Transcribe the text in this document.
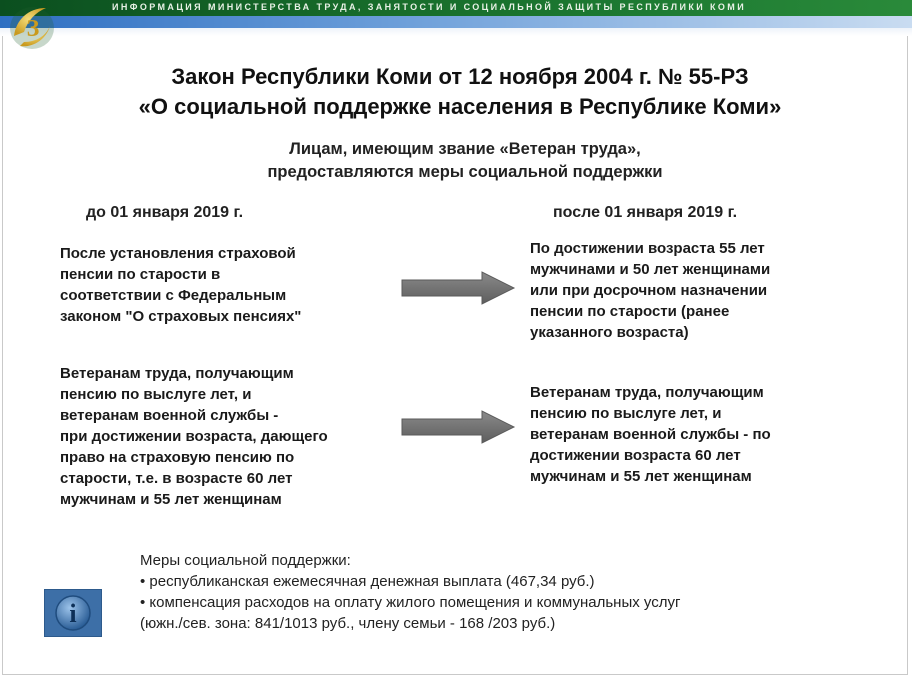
ИНФОРМАЦИЯ МИНИСТЕРСТВА ТРУДА, ЗАНЯТОСТИ И СОЦИАЛЬНОЙ ЗАЩИТЫ РЕСПУБЛИКИ КОМИ
З
Закон Республики Коми от 12 ноября 2004 г. № 55-РЗ
«О социальной поддержке населения в Республике Коми»
Лицам, имеющим звание «Ветеран труда»,
предоставляются меры социальной поддержки
до 01 января 2019 г.	после 01 января 2019 г.
После установления страховой
пенсии по старости в
соответствии с Федеральным
законом "О страховых пенсиях"
По достижении возраста 55 лет
мужчинами и 50 лет женщинами
или при досрочном назначении
пенсии по старости (ранее
указанного возраста)
Ветеранам труда, получающим
пенсию по выслуге лет, и
ветеранам военной службы -
при достижении возраста, дающего
право на страховую пенсию по
старости, т.е. в возрасте 60 лет
мужчинам и 55 лет женщинам
Ветеранам труда, получающим
пенсию по выслуге лет, и
ветеранам военной службы - по
достижении возраста 60 лет
мужчинам и 55 лет женщинам
i
Меры социальной поддержки:
• республиканская ежемесячная денежная выплата (467,34 руб.)
• компенсация расходов на оплату жилого помещения и коммунальных услуг
(южн./сев. зона: 841/1013 руб., члену семьи - 168 /203 руб.)
